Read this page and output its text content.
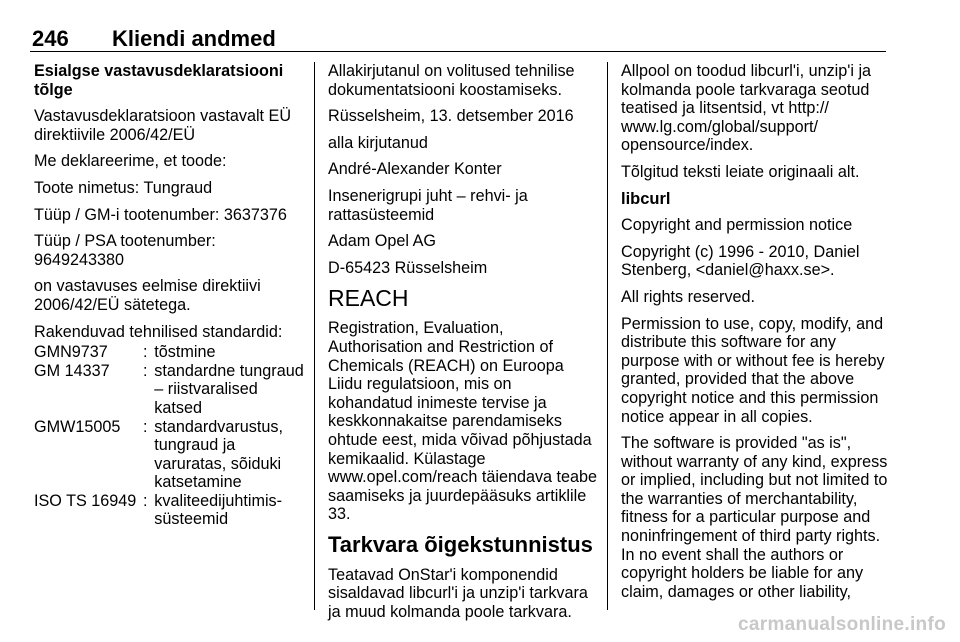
246 Kliendi andmed

Esialgse vastavusdeklaratsiooni tõlge

Vastavusdeklaratsioon vastavalt EÜ direktiivile 2006/42/EÜ

Me deklareerime, et toode:

Toote nimetus: Tungraud

Tüüp / GM-i tootenumber: 3637376

Tüüp / PSA tootenumber: 9649243380

on vastavuses eelmise direktiivi 2006/42/EÜ sätetega.

Rakenduvad tehnilised standardid:

GMN9737	:	tõstmine
GM 14337	:	standardne tungraud – riistvaralised katsed
GMW15005	:	standardvarustus, tungraud ja varuratas, sõiduki katsetamine
ISO TS 16949	:	kvaliteedijuhtimissüsteemid

Allakirjutanul on volitused tehnilise dokumentatsiooni koostamiseks.

Rüsselsheim, 13. detsember 2016

alla kirjutanud

André-Alexander Konter

Insenerigrupi juht – rehvi- ja rattasüsteemid

Adam Opel AG

D-65423 Rüsselsheim

REACH

Registration, Evaluation, Authorisation and Restriction of Chemicals (REACH) on Euroopa Liidu regulatsioon, mis on kohandatud inimeste tervise ja keskkonnakaitse parendamiseks ohtude eest, mida võivad põhjustada kemikaalid. Külastage www.opel.com/reach täiendava teabe saamiseks ja juurdepääsuks artiklile 33.

Tarkvara õigekstunnistus

Teatavad OnStar'i komponendid sisaldavad libcurl'i ja unzip'i tarkvara ja muud kolmanda poole tarkvara.

Allpool on toodud libcurl'i, unzip'i ja kolmanda poole tarkvaraga seotud teatised ja litsentsid, vt http:// www.lg.com/global/support/ opensource/index.

Tõlgitud teksti leiate originaali alt.

libcurl

Copyright and permission notice

Copyright (c) 1996 - 2010, Daniel Stenberg, <daniel@haxx.se>.

All rights reserved.

Permission to use, copy, modify, and distribute this software for any purpose with or without fee is hereby granted, provided that the above copyright notice and this permission notice appear in all copies.

The software is provided "as is", without warranty of any kind, express or implied, including but not limited to the warranties of merchantability, fitness for a particular purpose and noninfringement of third party rights. In no event shall the authors or copyright holders be liable for any claim, damages or other liability,

carmanualsonline.info
